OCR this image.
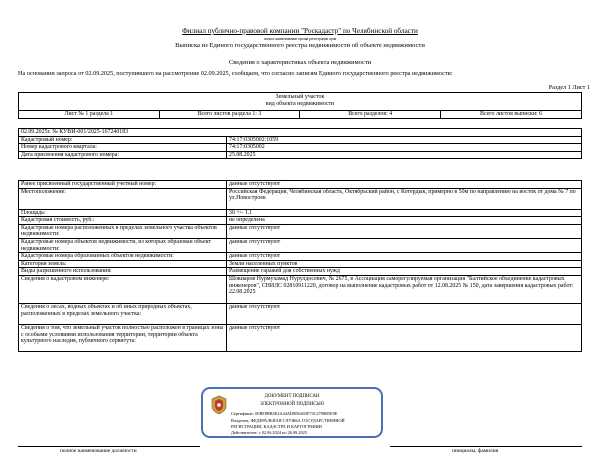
Филиал публично-правовой компании "Роскадастр" по Челябинской области
полное наименование органа регистрации прав
Выписка из Единого государственного реестра недвижимости об объекте недвижимости
Сведения о характеристиках объекта недвижимости
На основании запроса от 02.09.2025, поступившего на рассмотрение 02.09.2025, сообщаем, что согласно записям Единого государственного реестра недвижимости:
Раздел 1 Лист 1
Земельный участок
вид объекта недвижимости

Лист № 1 раздела 1	Всего листов раздела 1: 3	Всего разделов: 4	Всего листов выписки: 6
02.09.2025г. № КУВИ-001/2025-167240183	
Кадастровый номер:	74:17:0305002:1059
Номер кадастрового квартала:	74:17:0305002
Дата присвоения кадастрового номера:	25.08.2025
Ранее присвоенный государственный учетный номер:	данные отсутствуют
Местоположение:	Российская Федерация, Челябинская область, Октябрьский район, с Котердык, примерно в 50м по направлению на восток от дома № 7 по ул.Новостроек
Площадь:	30 +/- 1.1
Кадастровая стоимость, руб.:	не определена
Кадастровые номера расположенных в пределах земельного участка объектов недвижимости:	данные отсутствуют
Кадастровые номера объектов недвижимости, из которых образован объект недвижимости:	данные отсутствуют
Кадастровые номера образованных объектов недвижимости:	данные отсутствуют
Категория земель:	Земли населенных пунктов
Виды разрешенного использования:	Размещение гаражей для собственных нужд
Сведения о кадастровом инженере:	Шокиаров Нурмухамад Нурулдосевич, № 2675, в Ассоциация саморегулируемая организация "Балтийское объединение кадастровых инженеров", СНИЛС 02810911220, договор на выполнение кадастровых работ от 12.08.2025 № 150, дата завершения кадастровых работ: 22.08.2025
Сведения о лесах, водных объектах и об иных природных объектах, расположенных в пределах земельного участка:	данные отсутствуют
Сведения о том, что земельный участок полностью расположен в границах зоны с особыми условиями использования территории, территории объекта культурного наследия, публичного сервитута:	данные отсутствуют
полное наименование должности	инициалы, фамилия
ДОКУМЕНТ ПОДПИСАН
ЭЛЕКТРОННОЙ ПОДПИСЬЮ
Сертификат: 00BF8BB5E2A44AD8D6403F73C2798B5E9E
Владелец: ФЕДЕРАЛЬНАЯ СЛУЖБА ГОСУДАРСТВЕННОЙ
РЕГИСТРАЦИИ, КАДАСТРА И КАРТОГРАФИИ
Действителен: с 02.06.2024 по 26.08.2025
